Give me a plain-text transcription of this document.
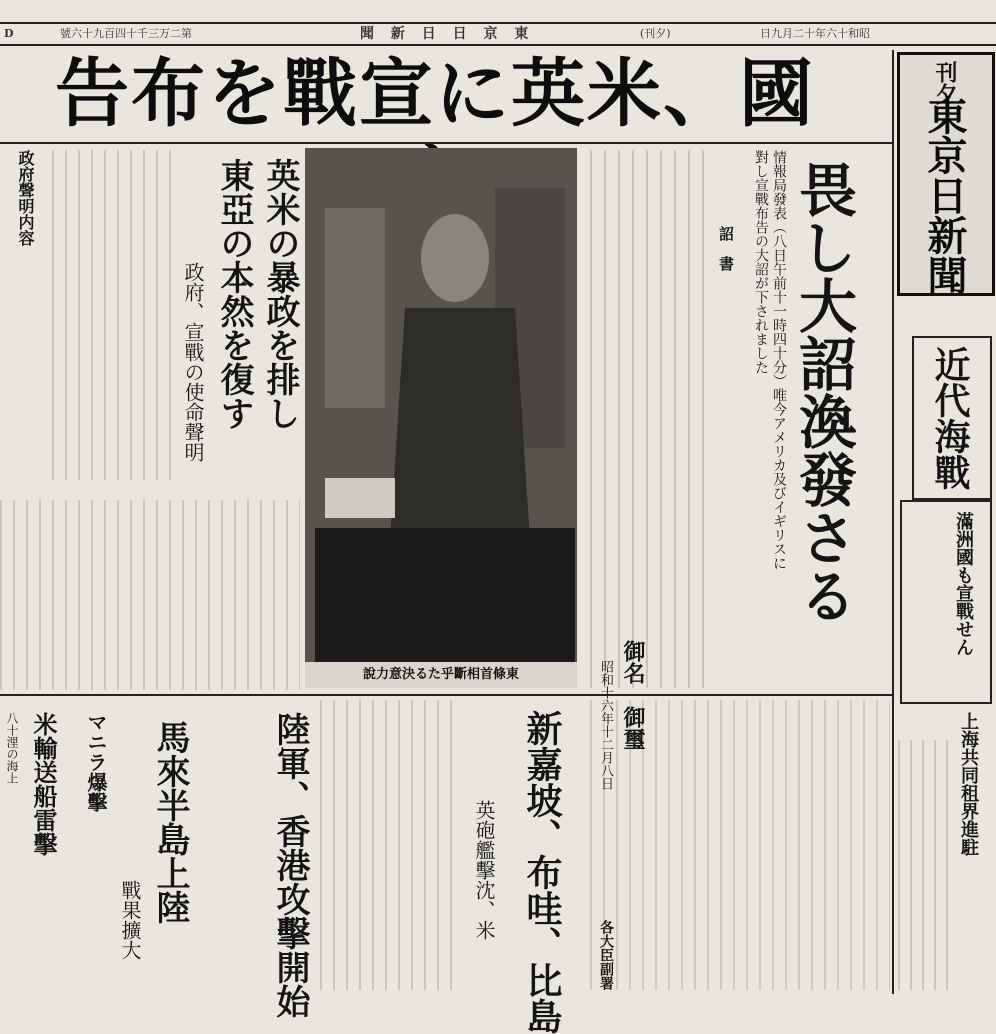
D	號六十九百四十千三万二第	聞 新 日 日 京 東	(刊夕)	日九月二十年六十和昭
告布を戰宣に英米、國	刊夕
東京日新聞
近代海戰
畏し大詔渙發さる
情報局發表（八日午前十一時四十分）唯今アメリカ及びイギリスに對し宣戰布告の大詔が下されました
詔　書
御名　御璽
昭和十六年十二月八日
各大臣副署
說力意決るた乎斷相首條東
英米の暴政を排し
東亞の本然を復す
政府、宣戰の使命聲明
政府聲明内容
滿洲國も宣戰せん
上海共同租界進駐
新嘉坡、布哇、比島
英砲艦擊沈、米
陸軍、香港攻擊開始
馬來半島上陸
戰果擴大
マニラ爆擊
米輸送船雷擊
八十浬の海上
